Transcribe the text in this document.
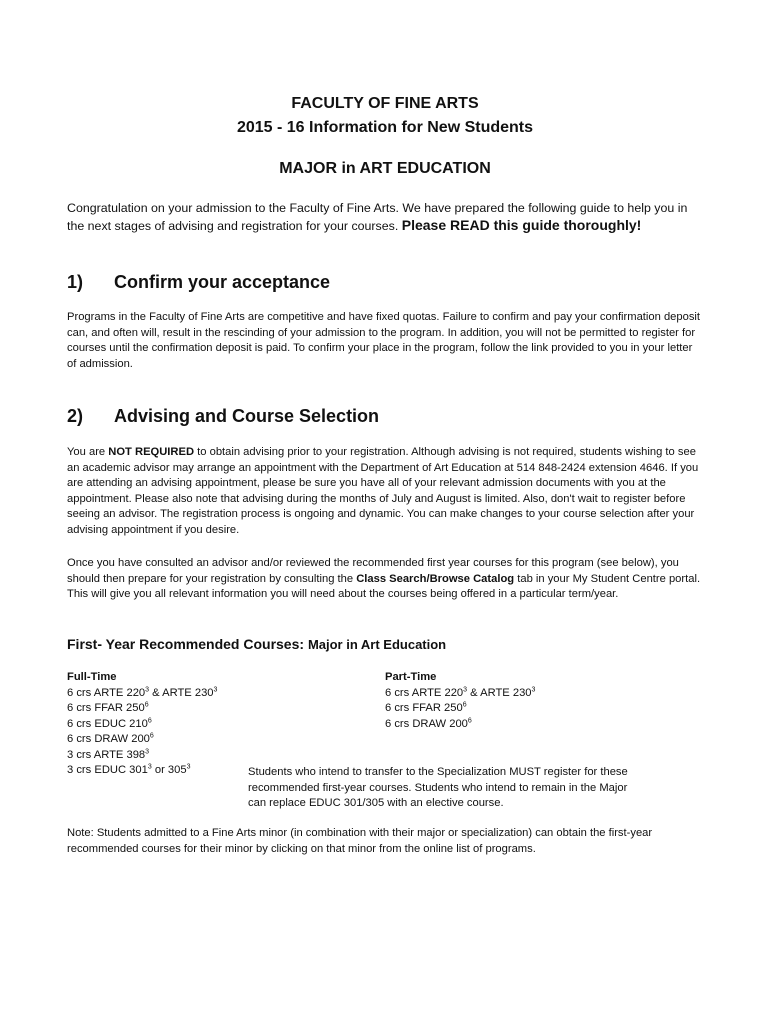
FACULTY OF FINE ARTS
2015 - 16 Information for New Students
MAJOR in ART EDUCATION

Congratulation on your admission to the Faculty of Fine Arts. We have prepared the following guide to help you in the next stages of advising and registration for your courses. Please READ this guide thoroughly!

1) Confirm your acceptance

Programs in the Faculty of Fine Arts are competitive and have fixed quotas. Failure to confirm and pay your confirmation deposit can, and often will, result in the rescinding of your admission to the program. In addition, you will not be permitted to register for courses until the confirmation deposit is paid. To confirm your place in the program, follow the link provided to you in your letter of admission.

2) Advising and Course Selection

You are NOT REQUIRED to obtain advising prior to your registration. Although advising is not required, students wishing to see an academic advisor may arrange an appointment with the Department of Art Education at 514 848-2424 extension 4646. If you are attending an advising appointment, please be sure you have all of your relevant admission documents with you at the appointment. Please also note that advising during the months of July and August is limited. Also, don't wait to register before seeing an advisor. The registration process is ongoing and dynamic. You can make changes to your course selection after your advising appointment if you desire.

Once you have consulted an advisor and/or reviewed the recommended first year courses for this program (see below), you should then prepare for your registration by consulting the Class Search/Browse Catalog tab in your My Student Centre portal. This will give you all relevant information you will need about the courses being offered in a particular term/year.

First- Year Recommended Courses: Major in Art Education
Full-Time
6 crs ARTE $220^3$ & ARTE $230^3$
6 crs FFAR $250^6$
6 crs EDUC $210^6$
6 crs DRAW $200^6$
3 crs ARTE $398^3$
3 crs EDUC $301^3$ or $305^3$
Part-Time
6 crs ARTE $220^3$ & ARTE $230^3$
6 crs FFAR $250^6$
6 crs DRAW $200^6$
Students who intend to transfer to the Specialization MUST register for these recommended first-year courses. Students who intend to remain in the Major can replace EDUC 301/305 with an elective course.

Note: Students admitted to a Fine Arts minor (in combination with their major or specialization) can obtain the first-year recommended courses for their minor by clicking on that minor from the online list of programs.
